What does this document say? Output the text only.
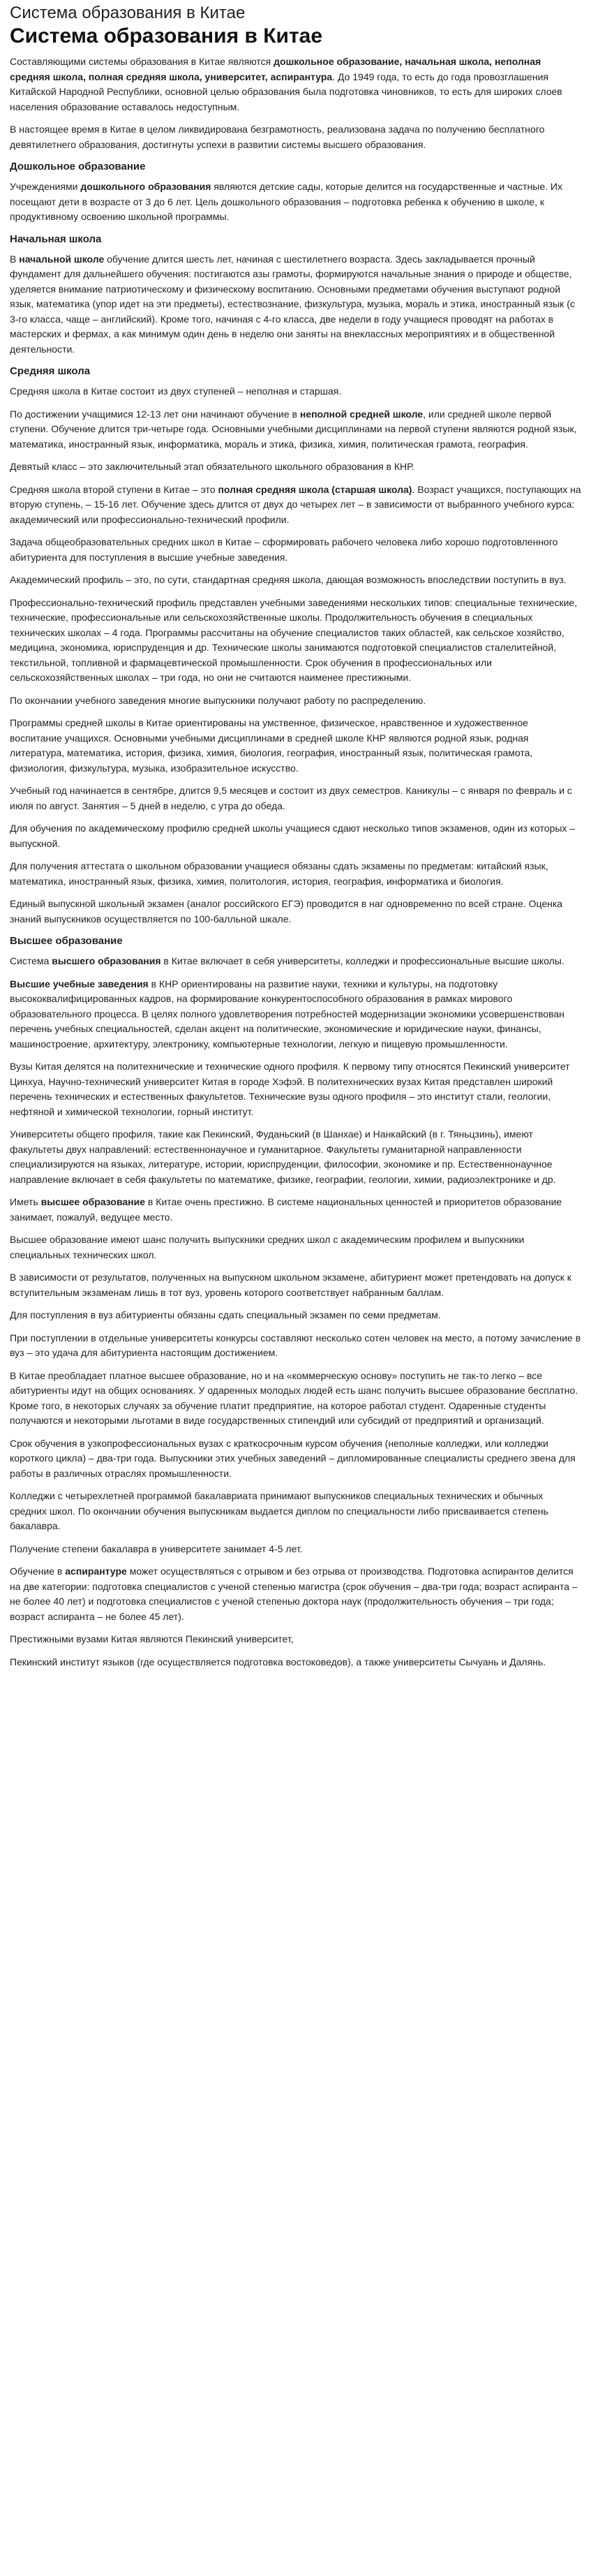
Система образования в Китае
Система образования в Китае

Составляющими системы образования в Китае являются дошкольное образование, начальная школа, неполная средняя школа, полная средняя школа, университет, аспирантура. До 1949 года, то есть до года провозглашения Китайской Народной Республики, основной целью образования была подготовка чиновников, то есть для широких слоев населения образование оставалось недоступным.

В настоящее время в Китае в целом ликвидирована безграмотность, реализована задача по получению бесплатного девятилетнего образования, достигнуты успехи в развитии системы высшего образования.

Дошкольное образование

Учреждениями дошкольного образования являются детские сады, которые делится на государственные и частные. Их посещают дети в возрасте от 3 до 6 лет. Цель дошкольного образования – подготовка ребенка к обучению в школе, к продуктивному освоению школьной программы.

Начальная школа

В начальной школе обучение длится шесть лет, начиная с шестилетнего возраста. Здесь закладывается прочный фундамент для дальнейшего обучения: постигаются азы грамоты, формируются начальные знания о природе и обществе, уделяется внимание патриотическому и физическому воспитанию. Основными предметами обучения выступают родной язык, математика (упор идет на эти предметы), естествознание, физкультура, музыка, мораль и этика, иностранный язык (с 3-го класса, чаще – английский). Кроме того, начиная с 4-го класса, две недели в году учащиеся проводят на работах в мастерских и фермах, а как минимум один день в неделю они заняты на внеклассных мероприятиях и в общественной деятельности.

Средняя школа

Средняя школа в Китае состоит из двух ступеней – неполная и старшая.

По достижении учащимися 12-13 лет они начинают обучение в неполной средней школе, или средней школе первой ступени. Обучение длится три-четыре года. Основными учебными дисциплинами на первой ступени являются родной язык, математика, иностранный язык, информатика, мораль и этика, физика, химия, политическая грамота, география.

Девятый класс – это заключительный этап обязательного школьного образования в КНР.

Средняя школа второй ступени в Китае – это полная средняя школа (старшая школа). Возраст учащихся, поступающих на вторую ступень, – 15-16 лет. Обучение здесь длится от двух до четырех лет – в зависимости от выбранного учебного курса: академический или профессионально-технический профили.

Задача общеобразовательных средних школ в Китае – сформировать рабочего человека либо хорошо подготовленного абитуриента для поступления в высшие учебные заведения.

Академический профиль – это, по сути, стандартная средняя школа, дающая возможность впоследствии поступить в вуз.

Профессионально-технический профиль представлен учебными заведениями нескольких типов: специальные технические, технические, профессиональные или сельскохозяйственные школы. Продолжительность обучения в специальных технических школах – 4 года. Программы рассчитаны на обучение специалистов таких областей, как сельское хозяйство, медицина, экономика, юриспруденция и др. Технические школы занимаются подготовкой специалистов сталелитейной, текстильной, топливной и фармацевтической промышленности. Срок обучения в профессиональных или сельскохозяйственных школах – три года, но они не считаются наименее престижными.

По окончании учебного заведения многие выпускники получают работу по распределению.

Программы средней школы в Китае ориентированы на умственное, физическое, нравственное и художественное воспитание учащихся. Основными учебными дисциплинами в средней школе КНР являются родной язык, родная литература, математика, история, физика, химия, биология, география, иностранный язык, политическая грамота, физиология, физкультура, музыка, изобразительное искусство.

Учебный год начинается в сентябре, длится 9,5 месяцев и состоит из двух семестров. Каникулы – с января по февраль и с июля по август. Занятия – 5 дней в неделю, с утра до обеда.

Для обучения по академическому профилю средней школы учащиеся сдают несколько типов экзаменов, один из которых – выпускной.

Для получения аттестата о школьном образовании учащиеся обязаны сдать экзамены по предметам: китайский язык, математика, иностранный язык, физика, химия, политология, история, география, информатика и биология.

Единый выпускной школьный экзамен (аналог российского ЕГЭ) проводится в наг одновременно по всей стране. Оценка знаний выпускников осуществляется по 100-балльной шкале.

Высшее образование

Система высшего образования в Китае включает в себя университеты, колледжи и профессиональные высшие школы.

Высшие учебные заведения в КНР ориентированы на развитие науки, техники и культуры, на подготовку высококвалифицированных кадров, на формирование конкурентоспособного образования в рамках мирового образовательного процесса. В целях полного удовлетворения потребностей модернизации экономики усовершенствован перечень учебных специальностей, сделан акцент на политические, экономические и юридические науки, финансы, машиностроение, архитектуру, электронику, компьютерные технологии, легкую и пищевую промышленности.

Вузы Китая делятся на политехнические и технические одного профиля. К первому типу относятся Пекинский университет Цинхуа, Научно-технический университет Китая в городе Хэфэй. В политехнических вузах Китая представлен широкий перечень технических и естественных факультетов. Технические вузы одного профиля – это институт стали, геологии, нефтяной и химической технологии, горный институт.

Университеты общего профиля, такие как Пекинский, Фуданьский (в Шанхае) и Нанкайский (в г. Тяньцзинь), имеют факультеты двух направлений: естественнонаучное и гуманитарное. Факультеты гуманитарной направленности специализируются на языках, литературе, истории, юриспруденции, философии, экономике и пр. Естественнонаучное направление включает в себя факультеты по математике, физике, географии, геологии, химии, радиоэлектронике и др.

Иметь высшее образование в Китае очень престижно. В системе национальных ценностей и приоритетов образование занимает, пожалуй, ведущее место.

Высшее образование имеют шанс получить выпускники средних школ с академическим профилем и выпускники специальных технических школ.

В зависимости от результатов, полученных на выпускном школьном экзамене, абитуриент может претендовать на допуск к вступительным экзаменам лишь в тот вуз, уровень которого соответствует набранным баллам.

Для поступления в вуз абитуриенты обязаны сдать специальный экзамен по семи предметам.

При поступлении в отдельные университеты конкурсы составляют несколько сотен человек на место, а потому зачисление в вуз – это удача для абитуриента настоящим достижением.

В Китае преобладает платное высшее образование, но и на «коммерческую основу» поступить не так-то легко – все абитуриенты идут на общих основаниях. У одаренных молодых людей есть шанс получить высшее образование бесплатно. Кроме того, в некоторых случаях за обучение платит предприятие, на которое работал студент. Одаренные студенты получаются и некоторыми льготами в виде государственных стипендий или субсидий от предприятий и организаций.

Срок обучения в узкопрофессиональных вузах с краткосрочным курсом обучения (неполные колледжи, или колледжи короткого цикла) – два-три года. Выпускники этих учебных заведений – дипломированные специалисты среднего звена для работы в различных отраслях промышленности.

Колледжи с четырехлетней программой бакалавриата принимают выпускников специальных технических и обычных средних школ. По окончании обучения выпускникам выдается диплом по специальности либо присваивается степень бакалавра.

Получение степени бакалавра в университете занимает 4-5 лет.

Обучение в аспирантуре может осуществляться с отрывом и без отрыва от производства. Подготовка аспирантов делится на две категории: подготовка специалистов с ученой степенью магистра (срок обучения – два-три года; возраст аспиранта – не более 40 лет) и подготовка специалистов с ученой степенью доктора наук (продолжительность обучения – три года; возраст аспиранта – не более 45 лет).

Престижными вузами Китая являются Пекинский университет,

Пекинский институт языков (где осуществляется подготовка востоковедов), а также университеты Сычуань и Далянь.
